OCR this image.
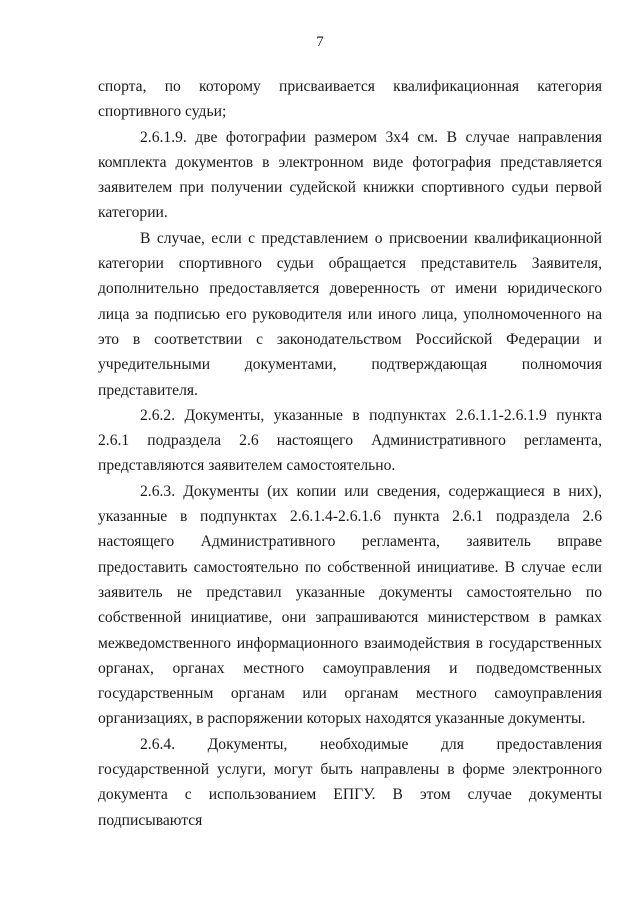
7

спорта, по которому присваивается квалификационная категория спортивного судьи;

2.6.1.9. две фотографии размером 3х4 см. В случае направления комплекта документов в электронном виде фотография представляется заявителем при получении судейской книжки спортивного судьи первой категории.

В случае, если с представлением о присвоении квалификационной категории спортивного судьи обращается представитель Заявителя, дополнительно предоставляется доверенность от имени юридического лица за подписью его руководителя или иного лица, уполномоченного на это в соответствии с законодательством Российской Федерации и учредительными документами, подтверждающая полномочия представителя.

2.6.2. Документы, указанные в подпунктах 2.6.1.1-2.6.1.9 пункта 2.6.1 подраздела 2.6 настоящего Административного регламента, представляются заявителем самостоятельно.

2.6.3. Документы (их копии или сведения, содержащиеся в них), указанные в подпунктах 2.6.1.4-2.6.1.6 пункта 2.6.1 подраздела 2.6 настоящего Административного регламента, заявитель вправе предоставить самостоятельно по собственной инициативе. В случае если заявитель не представил указанные документы самостоятельно по собственной инициативе, они запрашиваются министерством в рамках межведомственного информационного взаимодействия в государственных органах, органах местного самоуправления и подведомственных государственным органам или органам местного самоуправления организациях, в распоряжении которых находятся указанные документы.

2.6.4. Документы, необходимые для предоставления государственной услуги, могут быть направлены в форме электронного документа с использованием ЕПГУ. В этом случае документы подписываются
